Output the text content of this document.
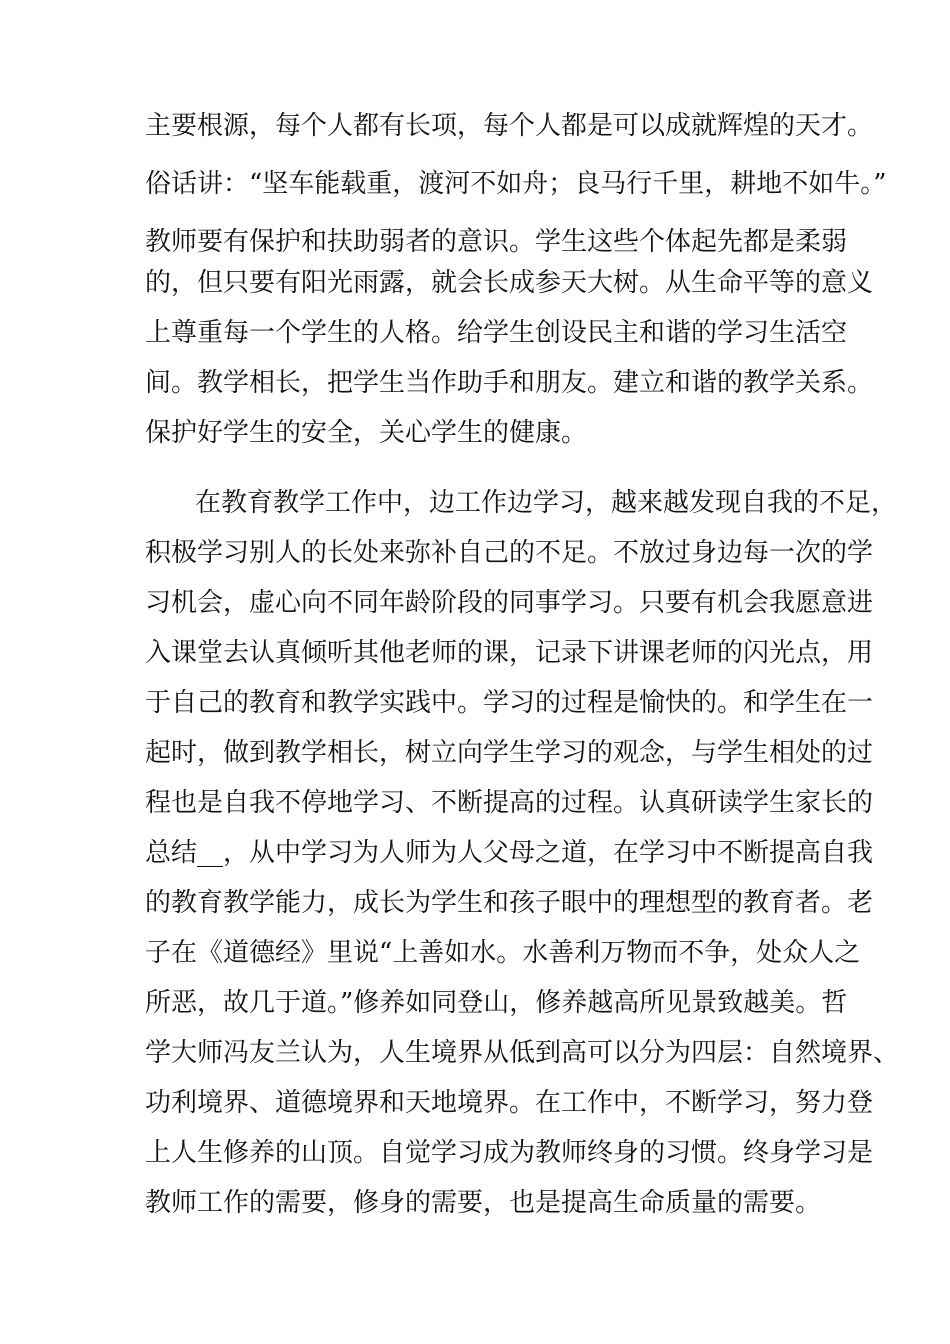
主要根源，每个人都有长项，每个人都是可以成就辉煌的天才。
俗话讲：“坚车能载重，渡河不如舟；良马行千里，耕地不如牛。”
教师要有保护和扶助弱者的意识。学生这些个体起先都是柔弱
的，但只要有阳光雨露，就会长成参天大树。从生命平等的意义
上尊重每一个学生的人格。给学生创设民主和谐的学习生活空
间。教学相长，把学生当作助手和朋友。建立和谐的教学关系。
保护好学生的安全，关心学生的健康。
在教育教学工作中，边工作边学习，越来越发现自我的不足，
积极学习别人的长处来弥补自己的不足。不放过身边每一次的学
习机会，虚心向不同年龄阶段的同事学习。只要有机会我愿意进
入课堂去认真倾听其他老师的课，记录下讲课老师的闪光点，用
于自己的教育和教学实践中。学习的过程是愉快的。和学生在一
起时，做到教学相长，树立向学生学习的观念，与学生相处的过
程也是自我不停地学习、不断提高的过程。认真研读学生家长的
总结__，从中学习为人师为人父母之道，在学习中不断提高自我
的教育教学能力，成长为学生和孩子眼中的理想型的教育者。老
子在《道德经》里说“上善如水。水善利万物而不争，处众人之
所恶，故几于道。”修养如同登山，修养越高所见景致越美。哲
学大师冯友兰认为，人生境界从低到高可以分为四层：自然境界、
功利境界、道德境界和天地境界。在工作中，不断学习，努力登
上人生修养的山顶。自觉学习成为教师终身的习惯。终身学习是
教师工作的需要，修身的需要，也是提高生命质量的需要。
